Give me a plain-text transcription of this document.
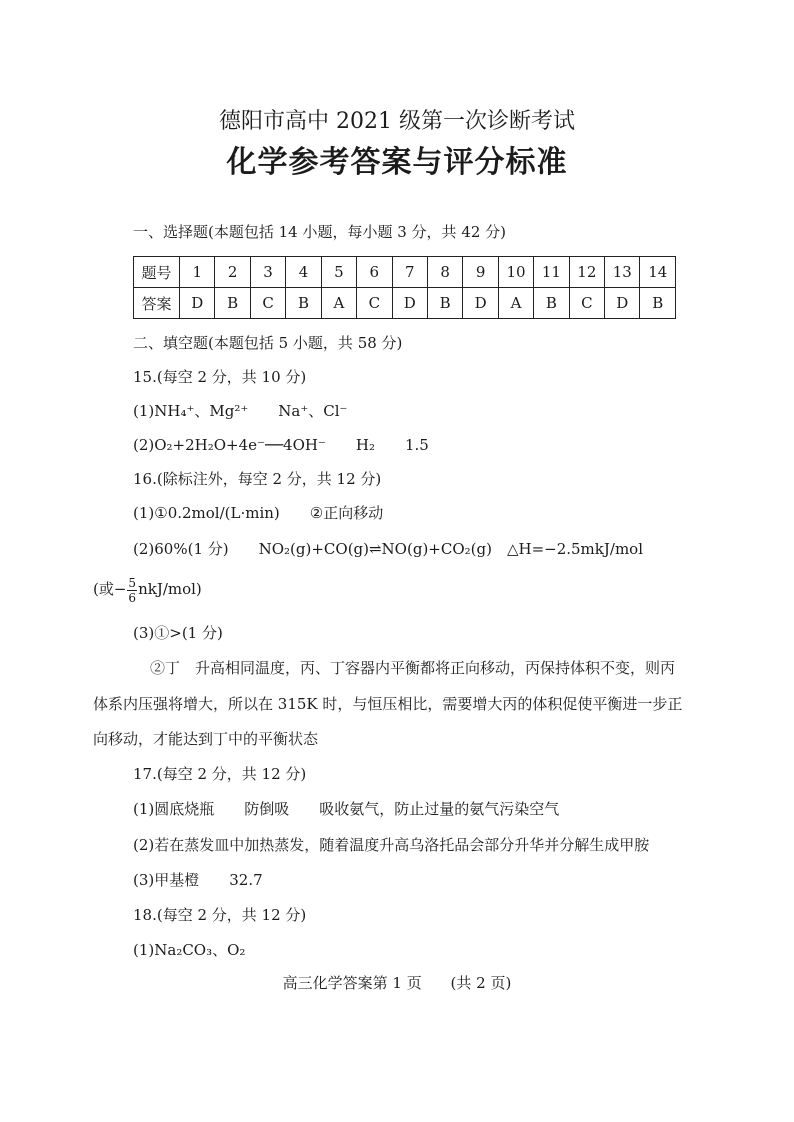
德阳市高中 2021 级第一次诊断考试
化学参考答案与评分标准
一、选择题(本题包括 14 小题，每小题 3 分，共 42 分)
题号	1	2	3	4	5	6	7	8	9	10	11	12	13	14
答案	D	B	C	B	A	C	D	B	D	A	B	C	D	B
二、填空题(本题包括 5 小题，共 58 分)
15.(每空 2 分，共 10 分)
(1)NH₄⁺、Mg²⁺　　Na⁺、Cl⁻
(2)O₂+2H₂O+4e⁻──4OH⁻　　H₂　　1.5
16.(除标注外，每空 2 分，共 12 分)
(1)①0.2mol/(L·min)　　②正向移动
(2)60%(1 分)　　NO₂(g)+CO(g)⇌NO(g)+CO₂(g)　△H=−2.5mkJ/mol
(或− $\frac{5}{6} nkJ/mol$)
(3)①>(1 分)
②丁　升高相同温度，丙、丁容器内平衡都将正向移动，丙保持体积不变，则丙
体系内压强将增大，所以在 315K 时，与恒压相比，需要增大丙的体积促使平衡进一步正
向移动，才能达到丁中的平衡状态
17.(每空 2 分，共 12 分)
(1)圆底烧瓶　　防倒吸　　吸收氨气，防止过量的氨气污染空气
(2)若在蒸发皿中加热蒸发，随着温度升高乌洛托品会部分升华并分解生成甲胺
(3)甲基橙　　32.7
18.(每空 2 分，共 12 分)
(1)Na₂CO₃、O₂
高三化学答案第 1 页 (共 2 页)
